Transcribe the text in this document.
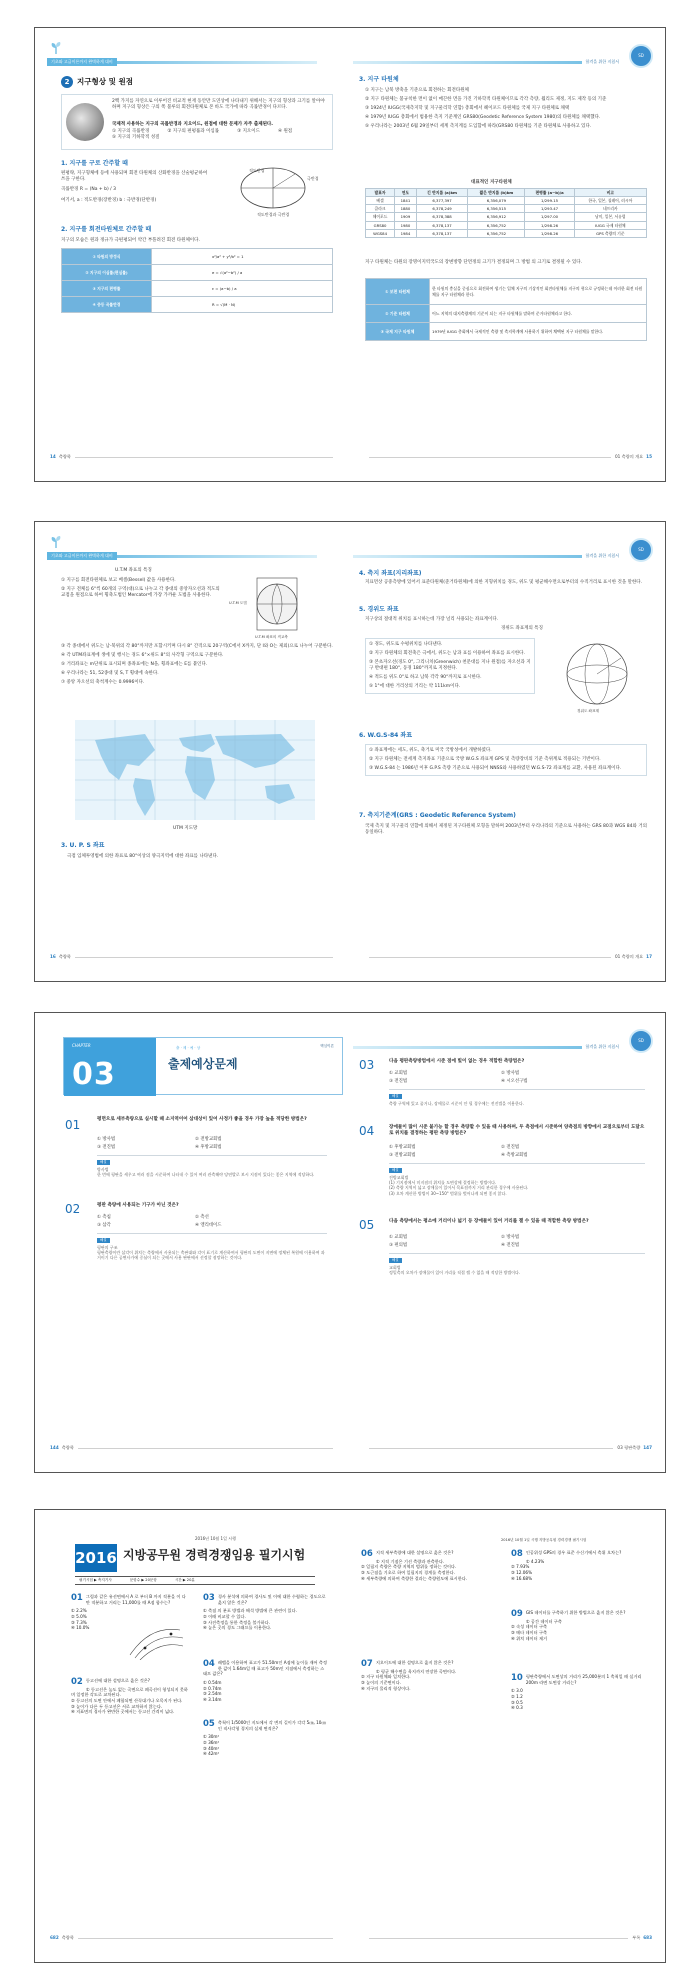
기초와 고급이론까지 완벽하게 대비	합격을 위한 지침서
SD
2 지구형상 및 원점
2백 가지를 자연으로 이루어진 비교적 현재 동안만 도연상에 나타내기 위해서는 지구의 형상과 크기를 알아야 하며 지구의 형상은 구의 쪽 불루의 회전타원체로 본 바도 국가에 따라 곡률반경이 다르다.
국제적 사용하는 지구의 곡률반경과 지오이드, 원점에 대한 문제가 자주 출제된다.
① 지구의 곡률반경	② 지구의 편평률과 이심률	③ 지오이드	④ 원점
⑤ 지구의 기하학적 성질
1. 지구를 구로 간주할 때
편평략, 지구형체에 등에 사용되며 회전 타원체의 산화반경을 산술평균하여 쓰을 구한다.
곡률반경 R = (Na + b) / 3
여기서, a : 적도반경(장반경) b : 극반경(단반경)
적도반경
극반경
적도반경과 극반경
2. 지구를 회전타원체로 간주할 때
지구의 모습은 원과 정규가 극편평되어 약간 부플려진 회전 타원체이다.
① 타원의 방정식	x²/a² + y²/b² = 1
② 지구의 이심률(편심률)	e = √(a²−b²) / a
③ 지구의 편평률	ε = (a−b) / a
④ 중등 곡률반경	R = √(M · N)
14 측량학
3. 지구 타원체
① 지구는 남북 방축을 기준으로 회전하는 회전타원체
② 지구 타원체는 불규칙한 면이 없이 매끈한 면을 가진 기하학적 타원체이므로 각각 측량, 월리도 제정, 지도 제작 등의 기준
③ 1924년 IUGG(국제측지학 및 지구물리학 연합) 총회에서 헤이포드 타원체를 국제 지구 타원체로 채택
④ 1979년 IUGG 총회에서 범용한 측지 기준계인 GRS80(Geodetic Reference System 1980)의 타원체를 채택했다.
⑤ 우리나라는 2003년 6월 29일부터 세계 측지계를 도입함에 따라(GRS80 타원체를 기준 타원체로 사용하고 있다.
대표적인 지구타원체
발표자	연도	긴 반지름 (a)km	짧은 반지름 (b)km	편평률 (a−b)/a	비고
베셀	1841	6,377,397	6,356,079	1/299.15	한국, 일본, 칠레어, 러시아
클라크	1880	6,378,249	6,356,515	1/293.47	네프리카
헤이포드	1909	6,378,388	6,356,912	1/297.00	남미, 일본, 서유럽
GRS80	1980	6,378,137	6,356,752	1/298.26	IUGG 국제 타원체
WGS84	1984	6,378,137	6,356,752	1/298.26	GPS 측량의 기준
지구 타원체는 타원의 장명이지역국도의 장변방향 단면정의 크기가 결정되며 그 방법 의 크기로 결정될 수 있다.
① 보편 타원체	한 타원의 충실을 중심으로 회전하여 생기는 입체 지구의 기상적인 회전타원체를 지구의 형으로 규정하는데 이러한 회전 타원체를 지구 타원체라 한다.
② 기준 타원체	어느 지역의 대지측량계의 기준이 되는 지구 타원체를 말하며 준거타원체라고 한다.
③ 국제 지구 타원체	1979년 IUGG 총회에서 국제적인 측량 및 측지학계에 사용하기 위하여 채택된 지구 타원체를 말한다.
01 측량의 개요 15
기초와 고급이론까지 완벽하게 대비	합격을 위한 지침서
SD
U.T.M 좌표의 특징
① 지구를 회전타원체로 보고 베셀(Bessel) 값을 사용한다.
② 지구 전체를 6°씩 60개의 구역(대)으로 나누고 각 종대의 중앙자오선과 적도의 교점을 원점으로 하여 횡축도법인 Mercator에 가장 가까운 도법을 사용한다.
U.T.M 도법
U.T.M 좌표의 직교축
③ 각 종대에서 위도는 남·북위의 각 80°까지만 포함시키며 다시 8° 간격으로 20구역(C에서 X까지, 단 I와 O는 제외)으로 나누어 구분한다.
④ 각 UTM좌표계에 생에 및 행시는 경도 6°×위도 8°의 사각형 구역으로 구분한다.
⑤ 거리좌표는 m단위로 표시되며 종좌표에는 N을, 횡좌표에는 E를 붙인다.
⑥ 우리나라는 51, 52종대 및 S, T 횡대에 속한다.
⑦ 중앙 자오선의 축척계수는 0.9996이다.
UTM 지도망
3. U. P. S 좌표
극점 입체투영법에 의한 좌표로 80°이상의 양극지역에 대한 좌표를 나타낸다.
16 측량학
4. 측지 좌표(지리좌표)
지표면상 공중측방에 있어서 표준타원체(준거타원체)에 의한 지형위치를 경도, 위도 및 평균해수면으로부터의 수직거리로 표시한 것을 말한다.
5. 경위도 좌표
지구상의 절대적 위치를 표시하는데 가장 널리 사용되는 좌표계이다.
경위도 좌표계의 특징
① 경도, 위도로 수평위치를 나타낸다.
② 지구 타원체의 회전축은 극에서, 위도는 남과 표를 이용하여 좌표를 표시한다.
③ 본초자오선(경도 0°, 그리니치(Greenwich) 천문대를 지나 원점)를 자오선과 지구 반대편 180°, 동경 180°까지로 지정한다.
④ 적도를 위도 0°로 하고 남북 각각 90°까지로 표시한다.
⑤ 1°에 대한 거리상의 거리는 약 111km이다.
경위도 좌표계
6. W.G.S-84 좌표
① 좌표계에는 세도, 위도, 축거로 미국 국방성에서 개발하였다.
② 지구 타원체는 전세계 측지좌표 기준으로 국방 W.G.S 좌표계 GPS 및 측량장비의 기준 측위계로 적용되는 기반이다.
③ W.G.S-84 는 1986년 이후 G.P.S 측량 기준으로 사용되어 NNSS와 사용하였던 W.G.S-72 좌표계를 교환, 사용된 좌표계이다.
7. 측지기준계(GRS : Geodetic Reference System)
국제 측지 및 지구물리 연합에 의해서 제정된 지구타원체 모형을 말하며 2003년부터 우리나라의 기준으로 사용하는 GRS 80과 WGS 84와 거의 동일하다.
01 측량의 개요 17
합격을 위한 지침서
SD
CHAPTER
03
출 · 제 · 예 · 상
출제예상문제
핵심이론
01	평면으로 세부측량으로 실시할 때 소지역이어 삼대상이 있어 사정가 좋을 경우 가장 높을 적당한 방법은?
① 방사법	② 전방교회법
③ 전진법	④ 후방교회법
해설
방사법
한 번에 평판을 세우고 여러 점을 시준하여 나타내 수 있어 여러 관측해야 당연발로 보시 지점이 있다는 좋은 지역에 적당하다.
02	평판 측량에 사용되는 기구가 아닌 것은?
① 측침	② 측선
③ 삼각	④ 앨리데이드
해설
평판의 구조
평판측량이란 삼각이 위치는 측량에서 사용되는 축판대와 각이 표기로 계산하여서 평판의 도면이 지면에 정체된 복원에 이용하여 과거이기 다른 공면사가에 중심이 되는 곳에서 사용 판판에서 선정할 점망하는 것이다.
144 측량학
03	다음 평판측량방법에서 시준 점에 빛이 없는 경우 적합한 측량법은?
① 교회법	② 방사법
③ 전진법	④ 시오선구법
해설
측량 구역에 있고 좁거나, 장애물로 시준이 안 될 경우에는 전진법을 이용한다.
04	장애물이 많이 시준 불가능 할 경우 측량할 수 있을 때 사용하며, 두 측점에서 시준하여 양측점의 방향에서 교점으로부터 도달으로 위치를 결정하는 평판 측량 방법은?
① 후방교회법	② 전진법
③ 전방교회법	④ 측방교회법
해설
전방교회법
(1) 기지점에서 미지점의 위치를 도면상에 결정하는 방법이다.
(2) 측량 지역이 넓고 장애물이 있어서 목표점까지 거리 관리한 경우에 사용된다.
(3) 오차 계산한 방법이 30~150° 범위를 벗어나게 되면 좋지 않다.
05	다음 측량에서는 평소에 거리이나 넓기 등 장애물이 있어 거리를 잴 수 있을 때 적합한 측량 방법은?
① 교회법	② 방사법
③ 편의법	④ 전진법
해설
교회법
정밀측의 오차가 장애물이 있어 거리를 직접 잴 수 없을 때 적당한 방법이다.
03 평판측량 147
2016년 10월 1일 시행
2016 지방공무원 경력경쟁임용 필기시험
필기시험 ▶ 측지기사	문항수 ▶ 20문항	시간 ▶ 20분
01 그림과 같은 유선면에서 A 로 부터 B 까지 적분을 이 다만 적분하고 거리는 11,000를 때 A점 함수는?
① 2.2%
② 5.0%
③ 7.3%
④ 10.0%
02 등고선에 대한 설명으로 옳은 것은?
① 등고선은 높도 없는 곡면으로 폐곡선이 형성되지 못하며 일정한 각도로 교차된다.
② 등고선의 도면 안에서 폐합되면 산꼭대기나 오목지가 된다.
③ 높이가 다른 두 등고선은 서로 교차하지 않는다.
④ 지표면의 경사가 완만한 곳에서는 등고선 간격이 넓다.
03 경사 분석에 의하여 경사도 및 이에 대한 수렴하는 경도으로 옳지 않은 것은?
① 측점 의 분포 방법과 해석 방법에 큰 관련이 있다.
② 이때 비교할 수 있다.
③ 사진측정을 통한 측정을 불가하다.
④ 높은 곳의 경도 그래프를 이용한다.
04 레벨을 이용하여 표고가 51.50m인 A점에 높이를 재어 측정한 값이 1.64m일 때 표고가 50m인 지점에서 측정하는 스태프 값은?
① 0.54m
② 0.74m
③ 2.54m
④ 3.14m
05 축척이 1/5000인 지도에서 각 변의 길이가 각각 5㎝, 10㎝인 직사각형 경지의 실제 면적은?
① 30m²
② 36m²
③ 40m²
④ 42m²
682 측량학
2016년 10월 1일 시행 지방공무원 경력경쟁 필기시험
06 지적 세부측량에 대한 설명으로 옳은 것은?
① 지적 기점은 기선 측량과 관측한다.
② 일필지 측량은 측량 지역의 범위를 정하는 것이다.
③ 도근점을 기초로 하여 일필지의 경계를 측정한다.
④ 세부측량에 의하여 측량한 결과는 측량원도에 표시한다.
07 지오이드에 대한 설명으로 옳지 않은 것은?
① 평균 해수면을 육지까지 연장한 곡면이다.
② 지구 타원체와 일치한다.
③ 높이의 기준면이다.
④ 지구의 물리적 형상이다.
08 인공위성 GPS의 경우 표준 수신기에서 측위 오차는?
① 4.23%
② 7.93%
③ 12.06%
④ 16.68%
09 GIS 데이터를 구축하기 위한 방법으로 옳지 않은 것은?
① 공간 데이터 구축
② 속성 데이터 구축
③ 메타 데이터 구축
④ 위치 데이터 제거
10 평판측량에서 도면상의 거리가 25,000분의 1 축척일 때 실거리 200m 라면 도면상 거리는?
① 3.0
② 1.2
③ 0.5
④ 0.3
부록 683
